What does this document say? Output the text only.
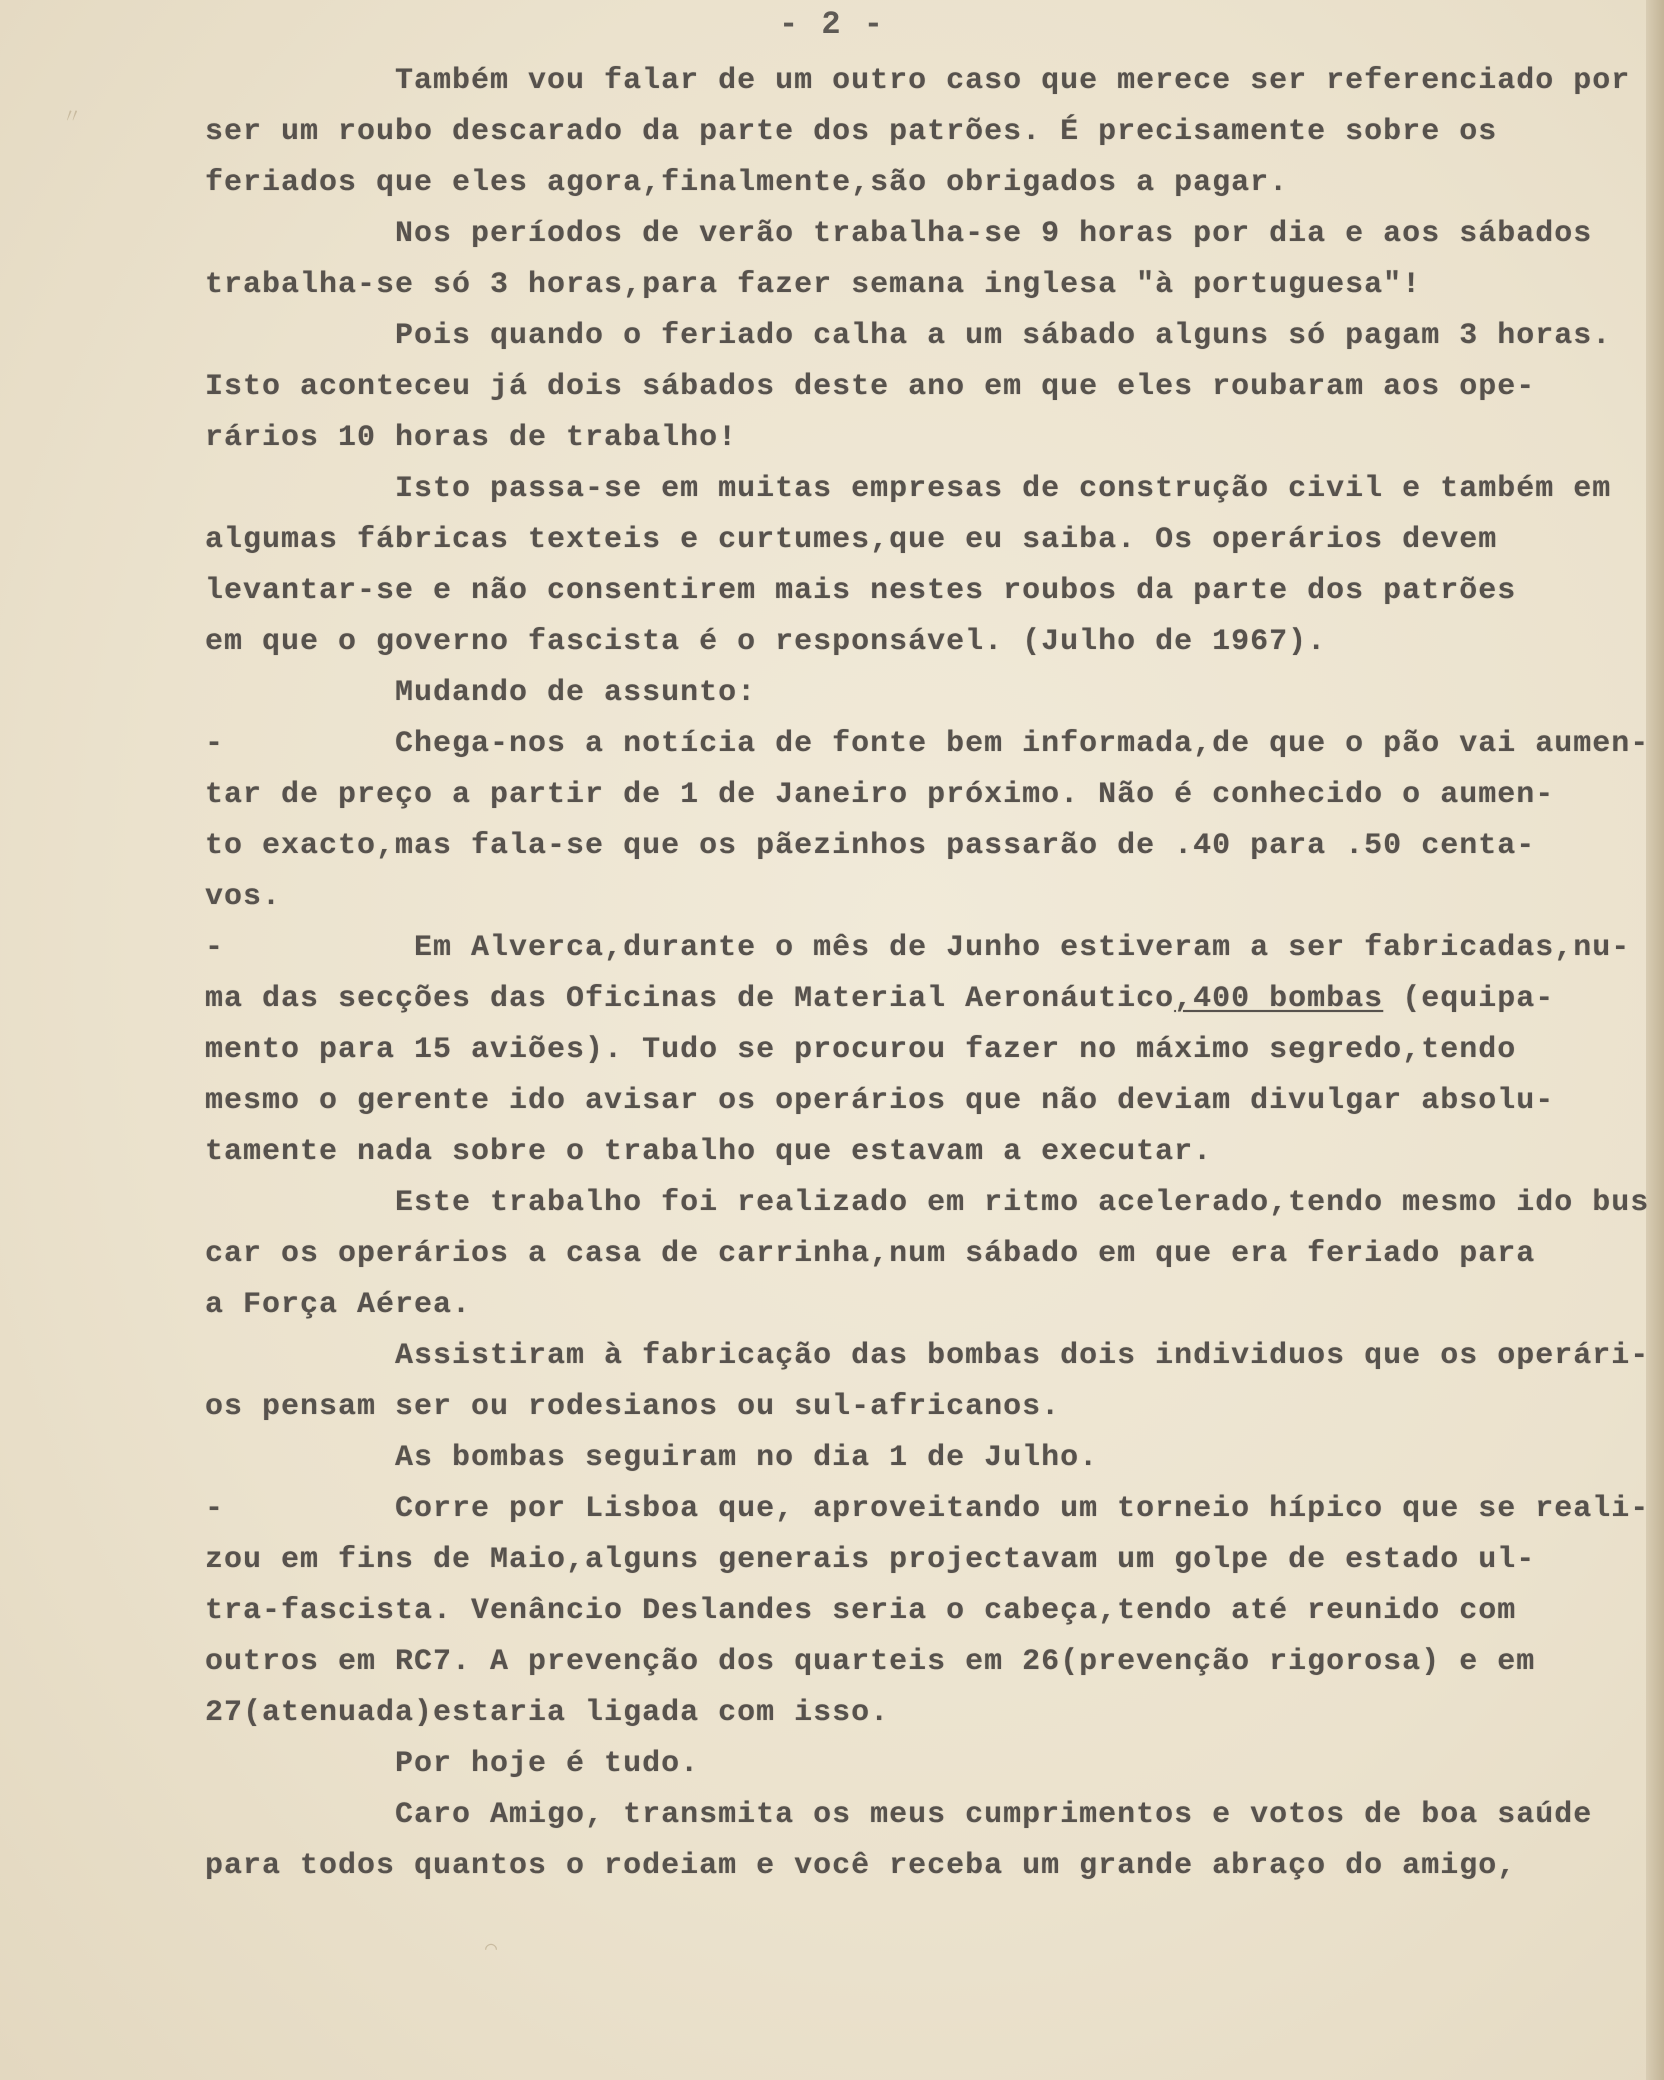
〃
⌒
- 2 -
Também vou falar de um outro caso que merece ser referenciado por
ser um roubo descarado da parte dos patrões. É precisamente sobre os
feriados que eles agora,finalmente,são obrigados a pagar.
Nos períodos de verão trabalha-se 9 horas por dia e aos sábados
trabalha-se só 3 horas,para fazer semana inglesa "à portuguesa"!
Pois quando o feriado calha a um sábado alguns só pagam 3 horas.
Isto aconteceu já dois sábados deste ano em que eles roubaram aos ope-
rários 10 horas de trabalho!
Isto passa-se em muitas empresas de construção civil e também em
algumas fábricas texteis e curtumes,que eu saiba. Os operários devem
levantar-se e não consentirem mais nestes roubos da parte dos patrões
em que o governo fascista é o responsável. (Julho de 1967).
Mudando de assunto:
-         Chega-nos a notícia de fonte bem informada,de que o pão vai aumen-
tar de preço a partir de 1 de Janeiro próximo. Não é conhecido o aumen-
to exacto,mas fala-se que os pãezinhos passarão de .40 para .50 centa-
vos.
-          Em Alverca,durante o mês de Junho estiveram a ser fabricadas,nu-
ma das secções das Oficinas de Material Aeronáutico,400 bombas (equipa-
mento para 15 aviões). Tudo se procurou fazer no máximo segredo,tendo
mesmo o gerente ido avisar os operários que não deviam divulgar absolu-
tamente nada sobre o trabalho que estavam a executar.
Este trabalho foi realizado em ritmo acelerado,tendo mesmo ido bus
car os operários a casa de carrinha,num sábado em que era feriado para
a Força Aérea.
Assistiram à fabricação das bombas dois individuos que os operári-
os pensam ser ou rodesianos ou sul-africanos.
As bombas seguiram no dia 1 de Julho.
-         Corre por Lisboa que, aproveitando um torneio hípico que se reali-
zou em fins de Maio,alguns generais projectavam um golpe de estado ul-
tra-fascista. Venâncio Deslandes seria o cabeça,tendo até reunido com
outros em RC7. A prevenção dos quarteis em 26(prevenção rigorosa) e em
27(atenuada)estaria ligada com isso.
Por hoje é tudo.
Caro Amigo, transmita os meus cumprimentos e votos de boa saúde
para todos quantos o rodeiam e você receba um grande abraço do amigo,
